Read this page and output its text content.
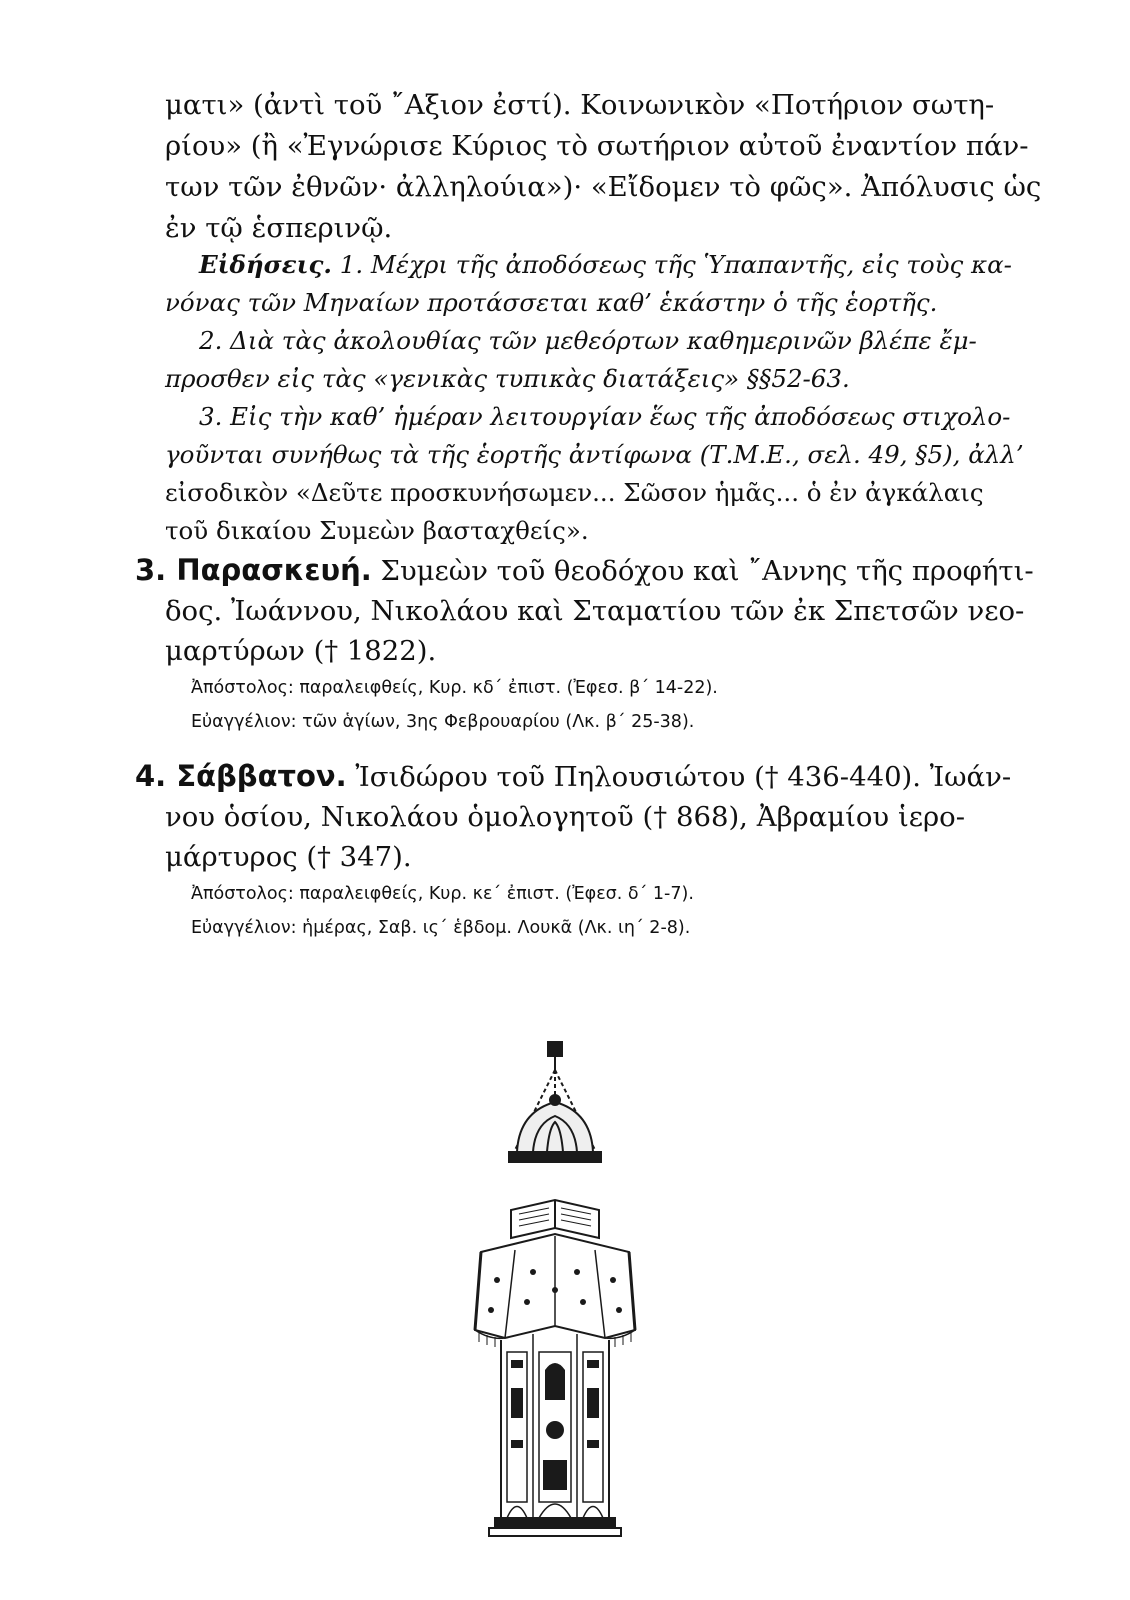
ματι» (ἀντὶ τοῦ ῎Αξιον ἐστί). Κοινωνικὸν «Ποτήριον σωτη-
ρίου» (ἢ «Ἐγνώρισε Κύριος τὸ σωτήριον αὐτοῦ ἐναντίον πάν-
των τῶν ἐθνῶν· ἀλληλούια»)· «Εἴδομεν τὸ φῶς». Ἀπόλυσις ὡς
ἐν τῷ ἑσπερινῷ.
Εἰδήσεις. 1. Μέχρι τῆς ἀποδόσεως τῆς Ὑπαπαντῆς, εἰς τοὺς κα-
νόνας τῶν Μηναίων προτάσσεται καθ’ ἑκάστην ὁ τῆς ἑορτῆς.
2. Διὰ τὰς ἀκολουθίας τῶν μεθεόρτων καθημερινῶν βλέπε ἔμ-
προσθεν εἰς τὰς «γενικὰς τυπικὰς διατάξεις» §§52-63.
3. Εἰς τὴν καθ’ ἡμέραν λειτουργίαν ἕως τῆς ἀποδόσεως στιχολο-
γοῦνται συνήθως τὰ τῆς ἑορτῆς ἀντίφωνα (Τ.Μ.Ε., σελ. 49, §5), ἀλλ’
εἰσοδικὸν «Δεῦτε προσκυνήσωμεν... Σῶσον ἡμᾶς... ὁ ἐν ἀγκάλαις
τοῦ δικαίου Συμεὼν βασταχθείς».
3. Παρασκευή. Συμεὼν τοῦ θεοδόχου καὶ ῎Αννης τῆς προφήτι-
δος. Ἰωάννου, Νικολάου καὶ Σταματίου τῶν ἐκ Σπετσῶν νεο-
μαρτύρων († 1822).
Ἀπόστολος: παραλειφθείς, Κυρ. κδ΄ ἐπιστ. (Ἐφεσ. β΄ 14-22).
Εὐαγγέλιον: τῶν ἁγίων, 3ης Φεβρουαρίου (Λκ. β΄ 25-38).
4. Σάββατον. Ἰσιδώρου τοῦ Πηλουσιώτου († 436-440). Ἰωάν-
νου ὁσίου, Νικολάου ὁμολογητοῦ († 868), Ἀβραμίου ἱερο-
μάρτυρος († 347).
Ἀπόστολος: παραλειφθείς, Κυρ. κε΄ ἐπιστ. (Ἐφεσ. δ΄ 1-7).
Εὐαγγέλιον: ἡμέρας, Σαβ. ις΄ ἑβδομ. Λουκᾶ (Λκ. ιη΄ 2-8).
